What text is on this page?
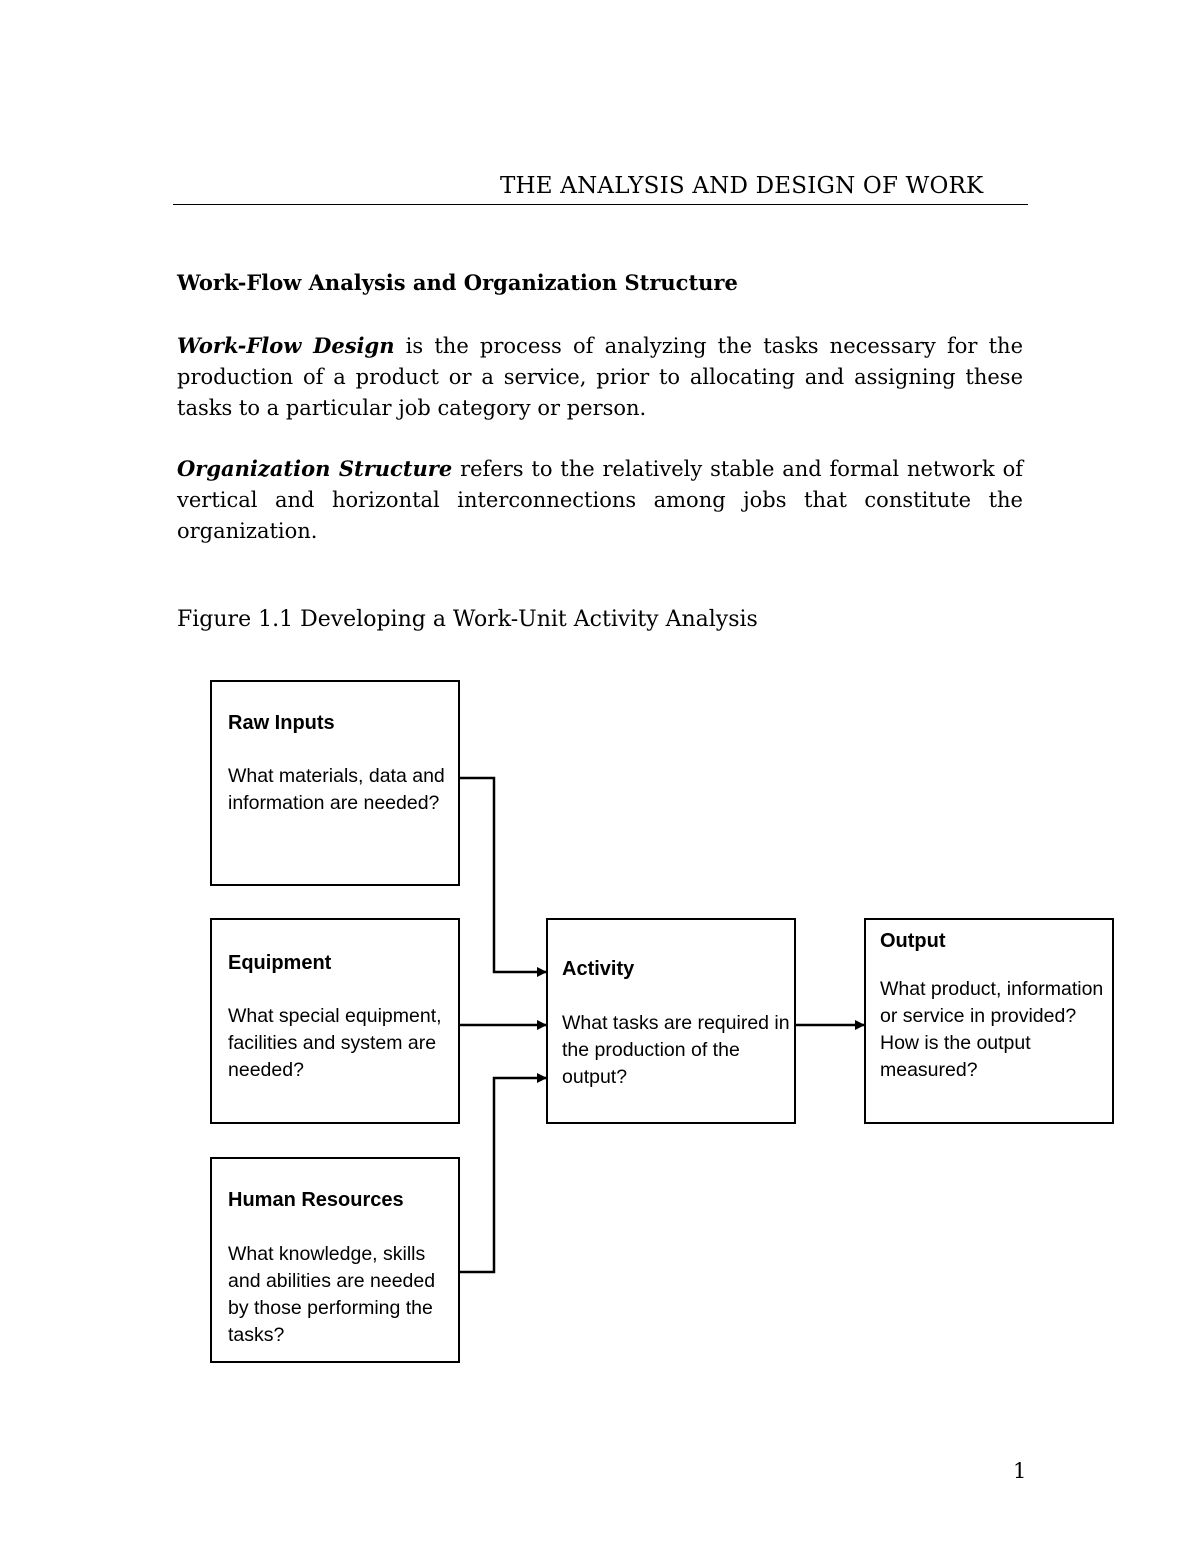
THE ANALYSIS AND DESIGN OF WORK
Work-Flow Analysis and Organization Structure
Work-Flow Design is the process of analyzing the tasks necessary for the production of a product or a service, prior to allocating and assigning these tasks to a particular job category or person.
Organization Structure refers to the relatively stable and formal network of vertical and horizontal interconnections among jobs that constitute the organization.
Figure 1.1 Developing a Work-Unit Activity Analysis
Raw Inputs
What materials, data and information are needed?
Equipment
What special equipment, facilities and system are needed?
Human Resources
What knowledge, skills and abilities are needed by those performing the tasks?
Activity
What tasks are required in the production of the output?
Output
What product, information or service in provided?
How is the output measured?
1
